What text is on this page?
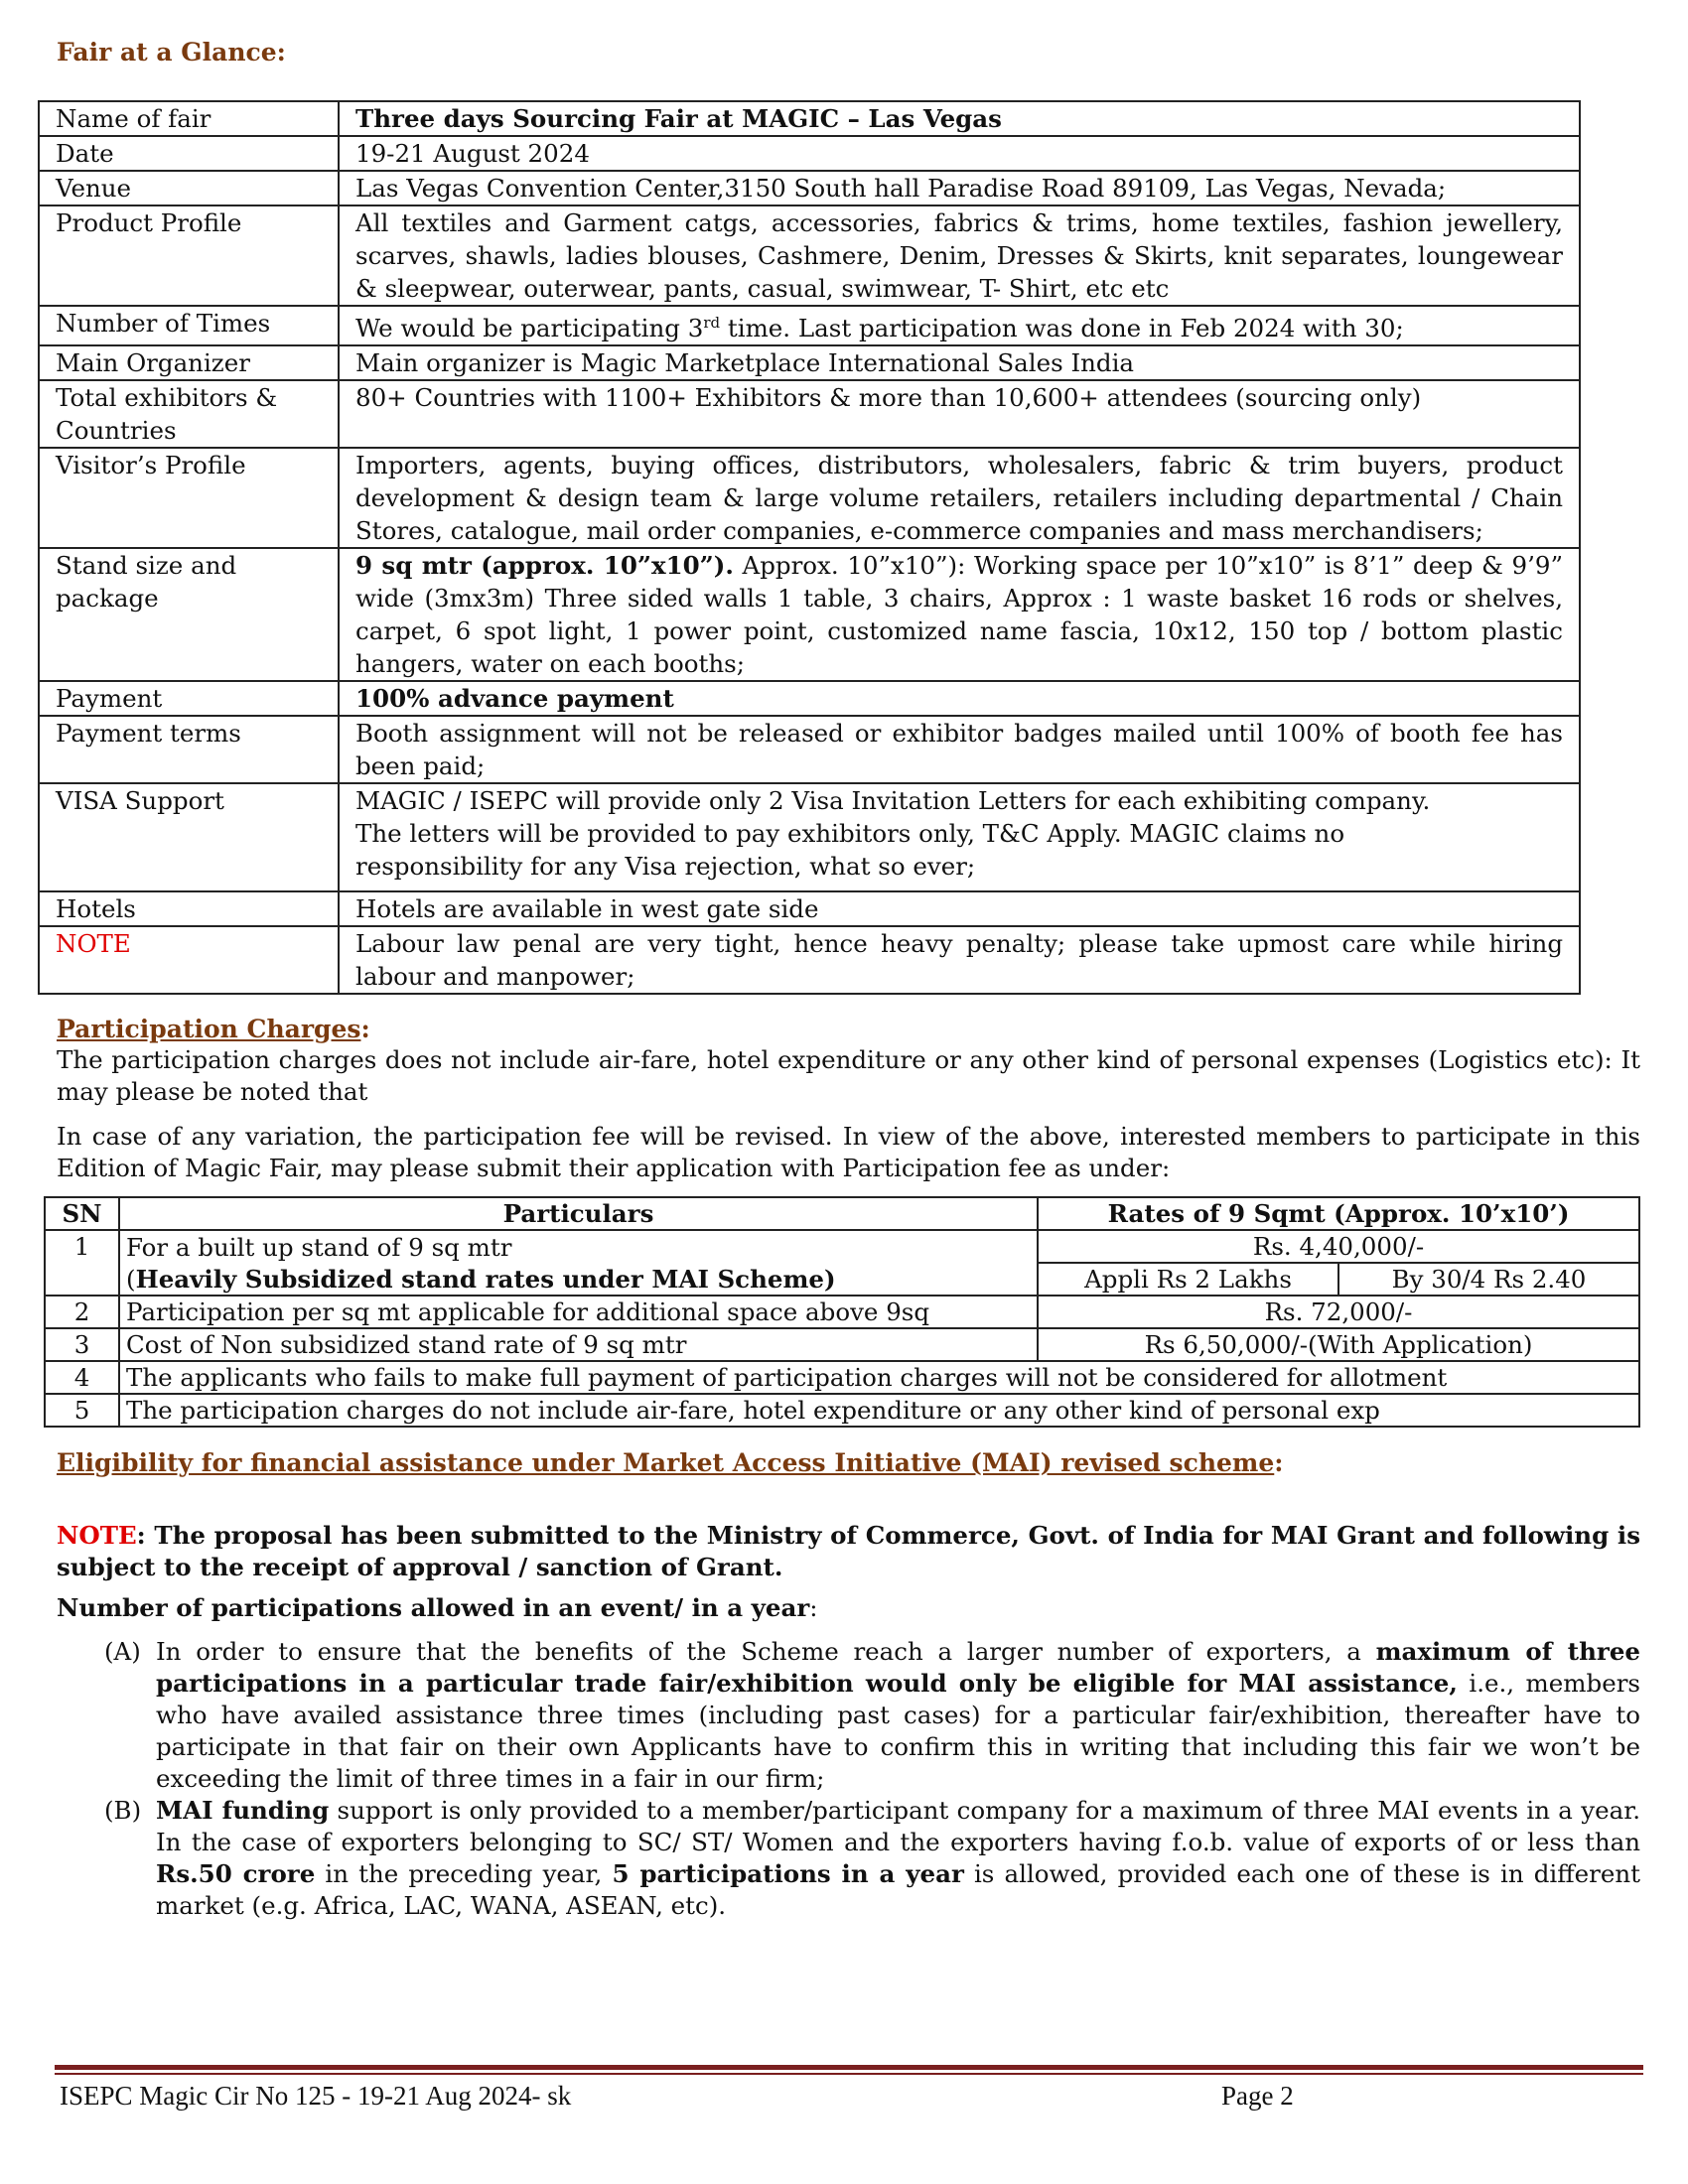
Fair at a Glance:
Name of fair	Three days Sourcing Fair at MAGIC – Las Vegas
Date	19-21 August 2024
Venue	Las Vegas Convention Center,3150 South hall Paradise Road 89109, Las Vegas, Nevada;
Product Profile	All textiles and Garment catgs, accessories, fabrics & trims, home textiles, fashion jewellery, scarves, shawls, ladies blouses, Cashmere, Denim, Dresses & Skirts, knit separates, loungewear & sleepwear, outerwear, pants, casual, swimwear, T- Shirt, etc etc
Number of Times	We would be participating 3rd time. Last participation was done in Feb 2024 with 30;
Main Organizer	Main organizer is Magic Marketplace International Sales India
Total exhibitors & Countries	80+ Countries with 1100+ Exhibitors & more than 10,600+ attendees (sourcing only)
Visitor’s Profile	Importers, agents, buying offices, distributors, wholesalers, fabric & trim buyers, product development & design team & large volume retailers, retailers including departmental / Chain Stores, catalogue, mail order companies, e-commerce companies and mass merchandisers;
Stand size and package	9 sq mtr (approx. 10”x10”). Approx. 10”x10”): Working space per 10”x10” is 8’1” deep & 9’9” wide (3mx3m) Three sided walls 1 table, 3 chairs, Approx : 1 waste basket 16 rods or shelves, carpet, 6 spot light, 1 power point, customized name fascia, 10x12, 150 top / bottom plastic hangers, water on each booths;
Payment	100% advance payment
Payment terms	Booth assignment will not be released or exhibitor badges mailed until 100% of booth fee has been paid;
VISA Support	MAGIC / ISEPC will provide only 2 Visa Invitation Letters for each exhibiting company.
The letters will be provided to pay exhibitors only, T&C Apply. MAGIC claims no
responsibility for any Visa rejection, what so ever;

Hotels	Hotels are available in west gate side
NOTE	Labour law penal are very tight, hence heavy penalty; please take upmost care while hiring labour and manpower;
Participation Charges:
The participation charges does not include air-fare, hotel expenditure or any other kind of personal expenses (Logistics etc): It may please be noted that
In case of any variation, the participation fee will be revised. In view of the above, interested members to participate in this Edition of Magic Fair, may please submit their application with Participation fee as under:
SN	Particulars	Rates of 9 Sqmt (Approx. 10’x10’)	
1	For a built up stand of 9 sq mtr	Rs. 4,40,000/-	
	(Heavily Subsidized stand rates under MAI Scheme)	Appli Rs 2 Lakhs	By 30/4 Rs 2.40
2	Participation per sq mt applicable for additional space above 9sq	Rs. 72,000/-	
3	Cost of Non subsidized stand rate of 9 sq mtr	Rs 6,50,000/-(With Application)	
4	The applicants who fails to make full payment of participation charges will not be considered for allotment		
5	The participation charges do not include air-fare, hotel expenditure or any other kind of personal exp		
Eligibility for financial assistance under Market Access Initiative (MAI) revised scheme:
NOTE: The proposal has been submitted to the Ministry of Commerce, Govt. of India for MAI Grant and following is subject to the receipt of approval / sanction of Grant.
Number of participations allowed in an event/ in a year:
(A) In order to ensure that the benefits of the Scheme reach a larger number of exporters, a maximum of three participations in a particular trade fair/exhibition would only be eligible for MAI assistance, i.e., members who have availed assistance three times (including past cases) for a particular fair/exhibition, thereafter have to participate in that fair on their own Applicants have to confirm this in writing that including this fair we won’t be exceeding the limit of three times in a fair in our firm;
(B) MAI funding support is only provided to a member/participant company for a maximum of three MAI events in a year. In the case of exporters belonging to SC/ ST/ Women and the exporters having f.o.b. value of exports of or less than Rs.50 crore in the preceding year, 5 participations in a year is allowed, provided each one of these is in different market (e.g. Africa, LAC, WANA, ASEAN, etc).
ISEPC Magic Cir No 125 - 19-21 Aug 2024- sk	Page 2
